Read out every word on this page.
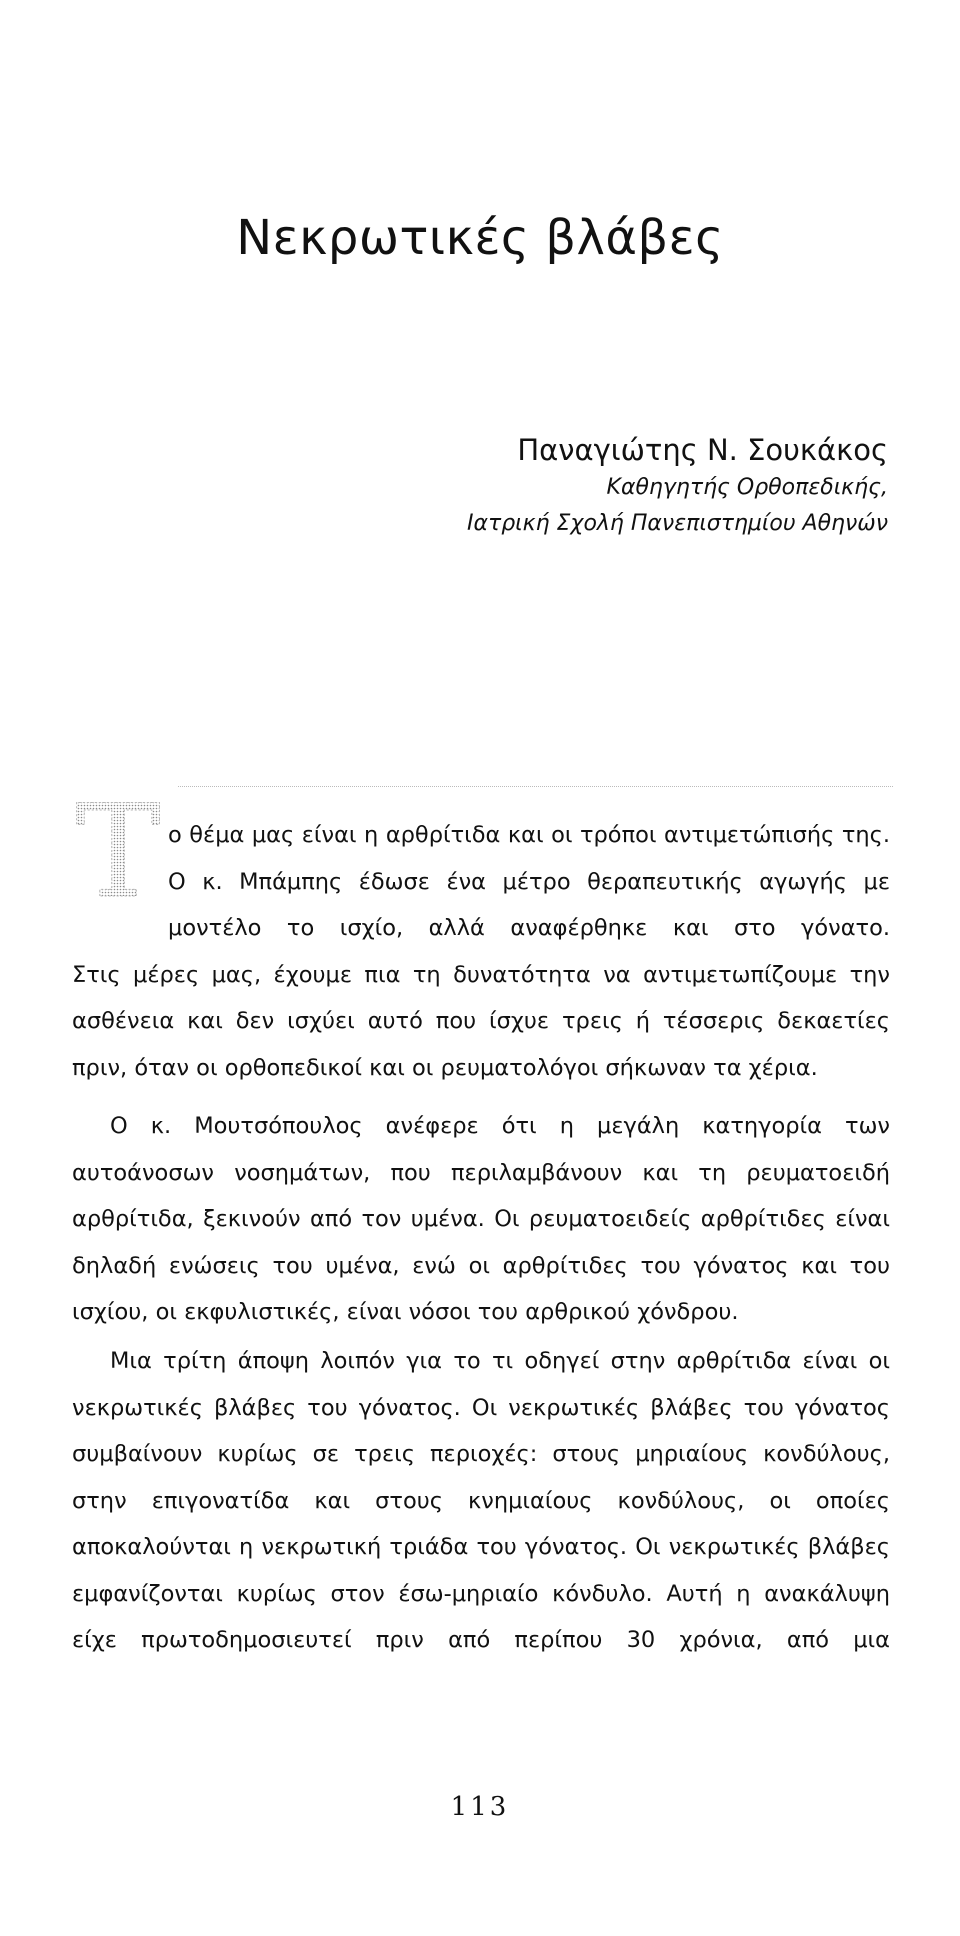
Νεκρωτικές βλάβες
Παναγιώτης Ν. Σουκάκος
Καθηγητής Ορθοπεδικής,
Ιατρική Σχολή Πανεπιστημίου Αθηνών
Τ ο θέμα μας είναι η αρθρίτιδα και οι τρόποι αντιμετώπισής της. Ο κ. Μπάμπης έδωσε ένα μέτρο θεραπευτικής αγωγής με μοντέλο το ισχίο, αλλά αναφέρθηκε και στο γόνατο.
Στις μέρες μας, έχουμε πια τη δυνατότητα να αντιμετωπίζουμε την ασθένεια και δεν ισχύει αυτό που ίσχυε τρεις ή τέσσερις δεκαετίες πριν, όταν οι ορθοπεδικοί και οι ρευματολόγοι σήκωναν τα χέρια.

Ο κ. Μουτσόπουλος ανέφερε ότι η μεγάλη κατηγορία των αυτοάνοσων νοσημάτων, που περιλαμβάνουν και τη ρευματοειδή αρθρίτιδα, ξεκινούν από τον υμένα. Οι ρευματοειδείς αρθρίτιδες είναι δηλαδή ενώσεις του υμένα, ενώ οι αρθρίτιδες του γόνατος και του ισχίου, οι εκφυλιστικές, είναι νόσοι του αρθρικού χόνδρου.

Μια τρίτη άποψη λοιπόν για το τι οδηγεί στην αρθρίτιδα είναι οι νεκρωτικές βλάβες του γόνατος. Οι νεκρωτικές βλάβες του γόνατος συμβαίνουν κυρίως σε τρεις περιοχές: στους μηριαίους κονδύλους, στην επιγονατίδα και στους κνημιαίους κονδύλους, οι οποίες αποκαλούνται η νεκρωτική τριάδα του γόνατος. Οι νεκρωτικές βλάβες εμφανίζονται κυρίως στον έσω-μηριαίο κόνδυλο. Αυτή η ανακάλυψη είχε πρωτοδημοσιευτεί πριν από περίπου 30 χρόνια, από μια

113
